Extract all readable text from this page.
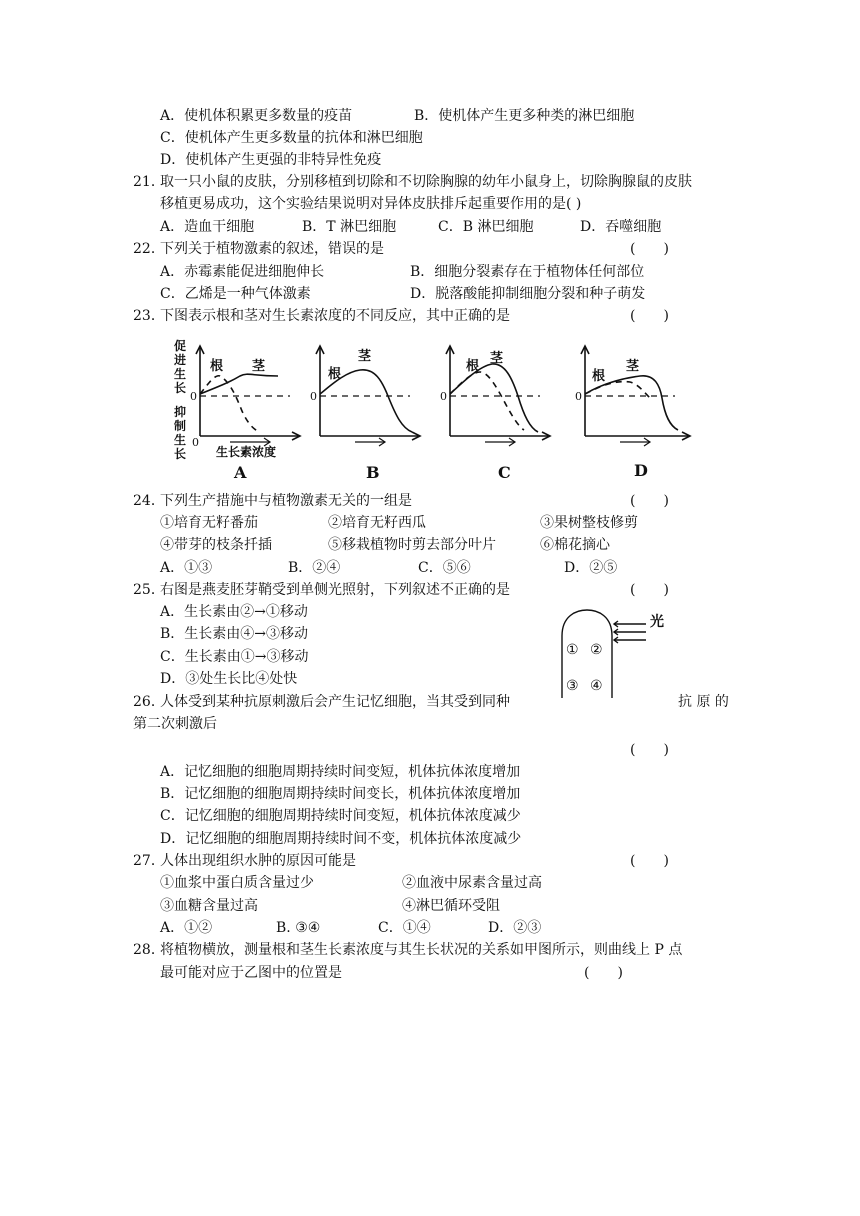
A．使机体积累更多数量的疫苗	B．使机体产生更多种类的淋巴细胞
C．使机体产生更多数量的抗体和淋巴细胞
D．使机体产生更强的非特异性免疫
21．
取一只小鼠的皮肤，分别移植到切除和不切除胸腺的幼年小鼠身上，切除胸腺鼠的皮肤
移植更易成功，这个实验结果说明对异体皮肤排斥起重要作用的是( )
A．造血干细胞	B．T 淋巴细胞	C．B 淋巴细胞	D．吞噬细胞
22．
下列关于植物激素的叙述，错误的是	(　　)
A．赤霉素能促进细胞伸长	B．细胞分裂素存在于植物体任何部位
C．乙烯是一种气体激素	D．脱落酸能抑制细胞分裂和种子萌发
23．
下图表示根和茎对生长素浓度的不同反应，其中正确的是	(　　)
促
进
生
长
抑
制
生
长 生长素浓度
0
0
0	0	0
根 茎
根
茎
根
茎
根
茎
A	B	C	D
24．
下列生产措施中与植物激素无关的一组是	(　　)
①培育无籽番茄	②培育无籽西瓜	③果树整枝修剪
④带芽的枝条扦插	⑤移栽植物时剪去部分叶片	⑥棉花摘心
A．①③	B．②④	C．⑤⑥	D．②⑤
25．
右图是燕麦胚芽鞘受到单侧光照射，下列叙述不正确的是	(　　)
A．生长素由②→①移动
B．生长素由④→③移动
C．生长素由①→③移动
D．③处生长比④处快
光
① ②
③ ④
26．
人体受到某种抗原刺激后会产生记忆细胞，当其受到同种	抗 原 的
第二次刺激后
(　　)
A．记忆细胞的细胞周期持续时间变短，机体抗体浓度增加
B．记忆细胞的细胞周期持续时间变长，机体抗体浓度增加
C．记忆细胞的细胞周期持续时间变短，机体抗体浓度减少
D．记忆细胞的细胞周期持续时间不变，机体抗体浓度减少
27．
人体出现组织水肿的原因可能是	(　　)
①血浆中蛋白质含量过少	②血液中尿素含量过高
③血糖含量过高	④淋巴循环受阻
A．①②	B. ③④	C．①④	D．②③
28．
将植物横放，测量根和茎生长素浓度与其生长状况的关系如甲图所示，则曲线上 P 点
最可能对应于乙图中的位置是	(　　)
